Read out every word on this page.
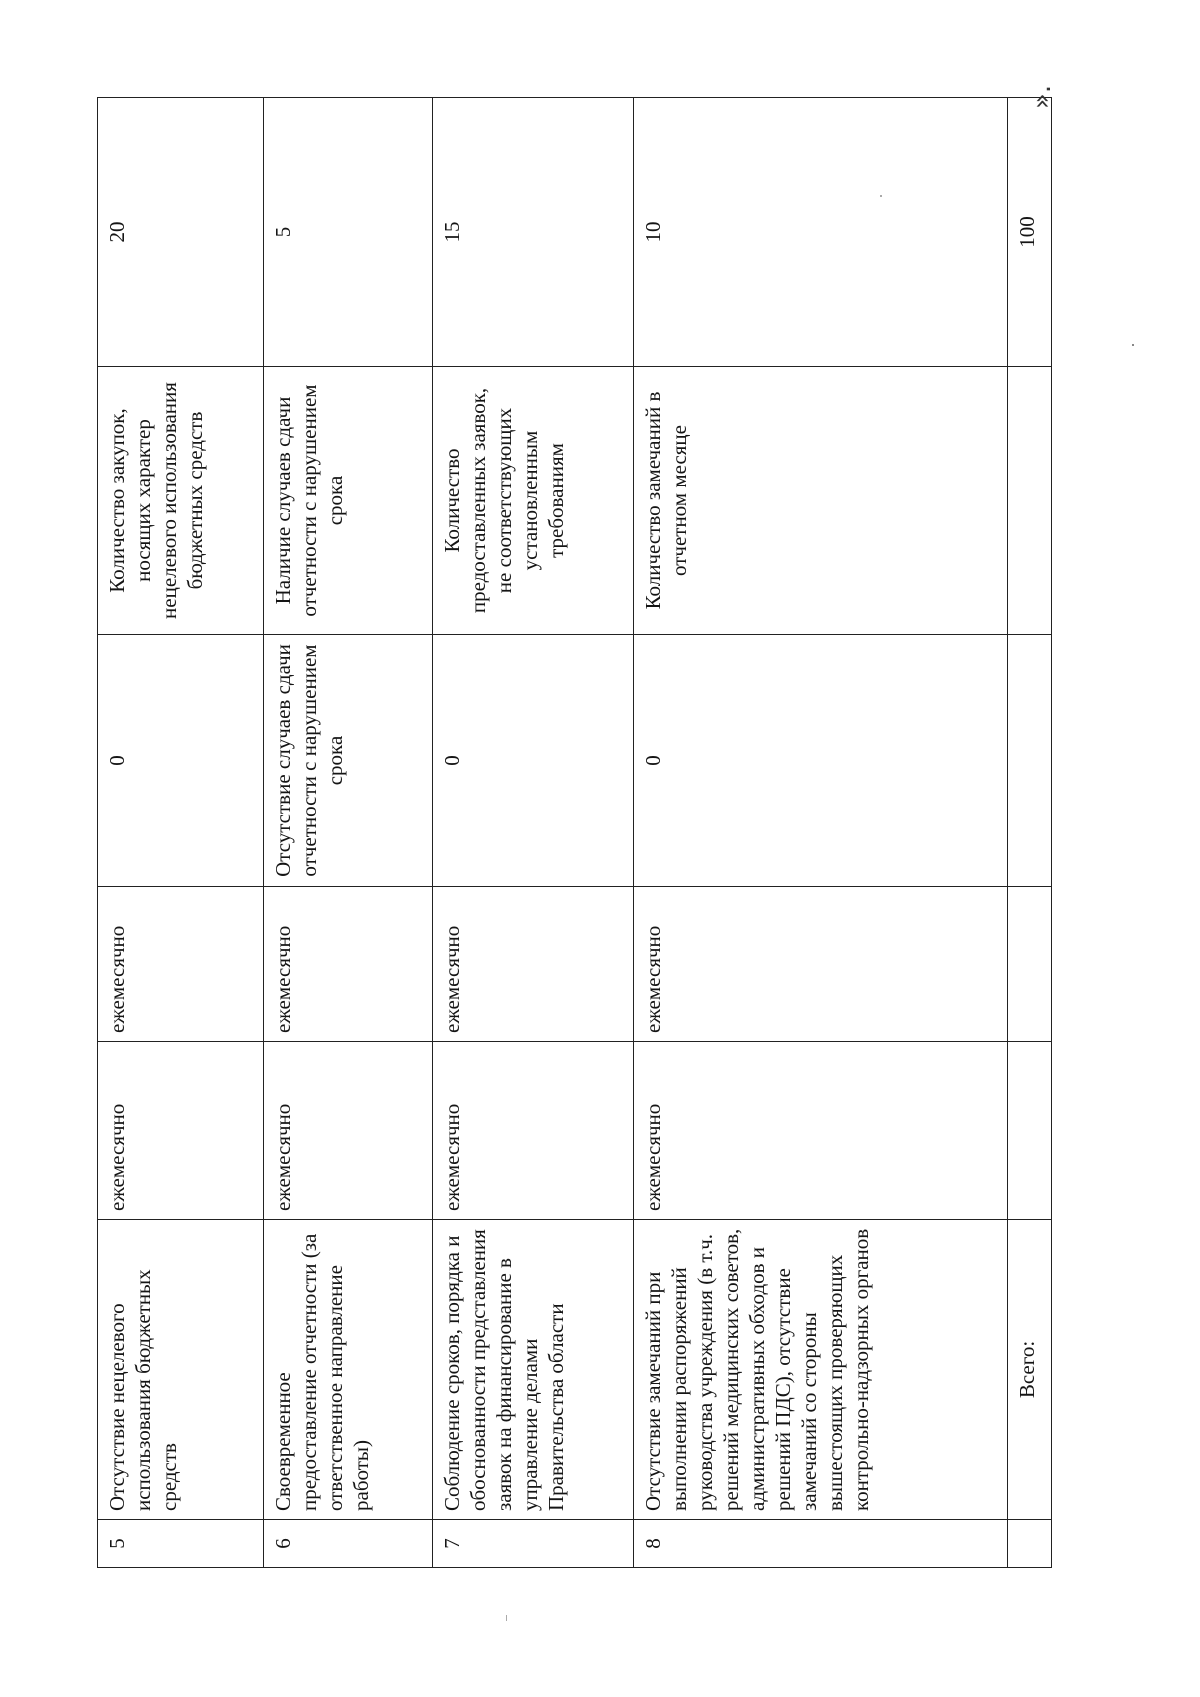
5	Отсутствие нецелевого использования бюджетных средств	ежемесячно	ежемесячно	0	Количество закупок, носящих характер нецелевого использования бюджетных средств	20
6	Своевременное предоставление отчетности (за ответственное направление работы)	ежемесячно	ежемесячно	Отсутствие случаев сдачи отчетности с нарушением срока	Наличие случаев сдачи отчетности с нарушением срока	5
7	Соблюдение сроков, порядка и обоснованности представления заявок на финансирование в управление делами Правительства области	ежемесячно	ежемесячно	0	Количество предоставленных заявок, не соответствующих установленным требованиям	15
8	Отсутствие замечаний при выполнении распоряжений руководства учреждения (в т.ч. решений медицинских советов, административных обходов и решений ПДС), отсутствие замечаний со стороны вышестоящих проверяющих контрольно-надзорных органов	ежемесячно	ежемесячно	0	Количество замечаний в отчетном месяце	10
	Всего:					100
».
